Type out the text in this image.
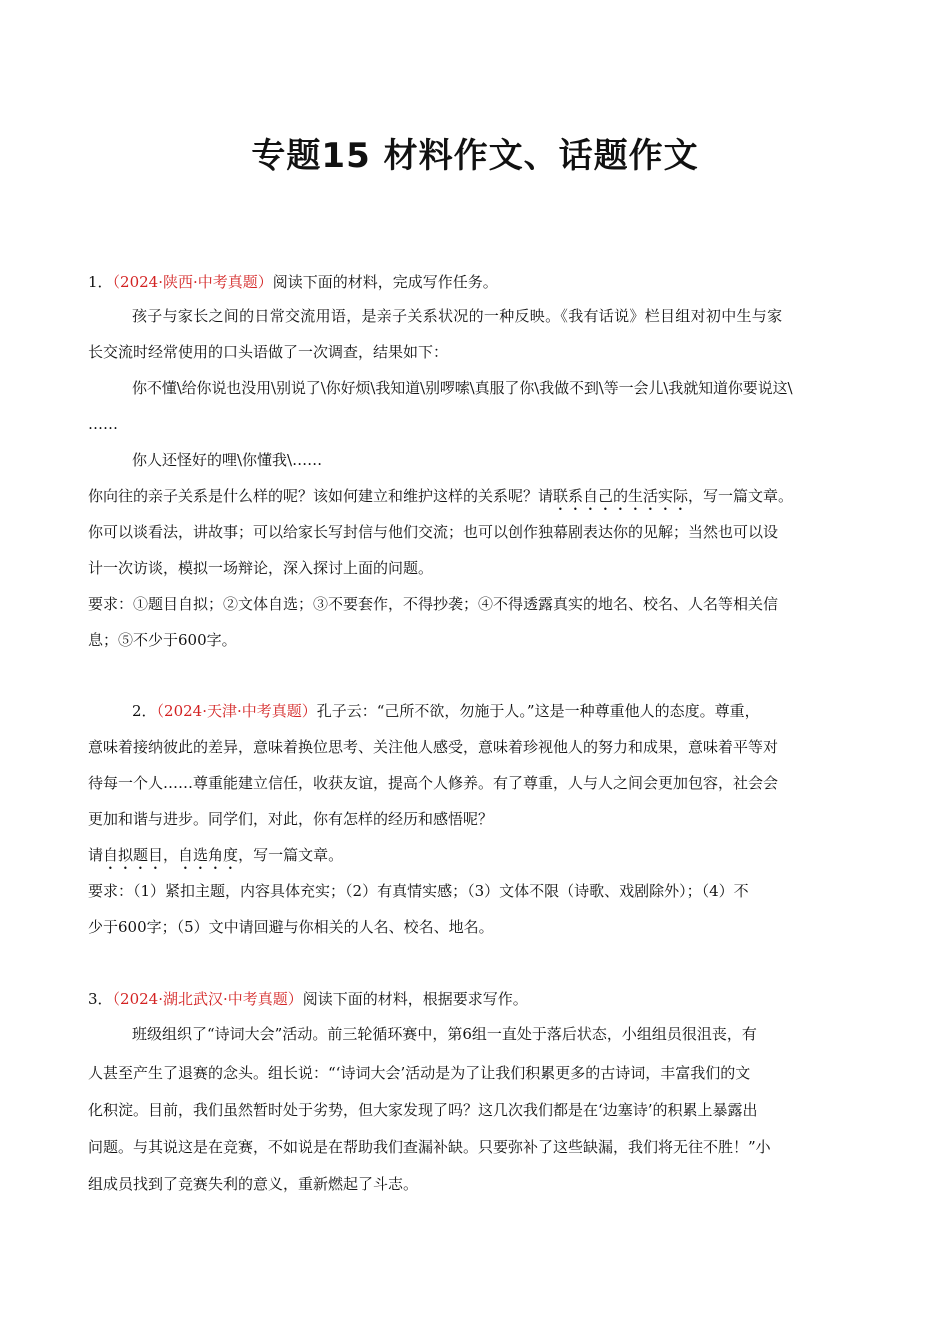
专题15 材料作文、话题作文
1．（2024·陕西·中考真题）阅读下面的材料，完成写作任务。
孩子与家长之间的日常交流用语，是亲子关系状况的一种反映。《我有话说》栏目组对初中生与家
长交流时经常使用的口头语做了一次调查，结果如下：
你不懂\给你说也没用\别说了\你好烦\我知道\别啰嗦\真服了你\我做不到\等一会儿\我就知道你要说这\
……
你人还怪好的哩\你懂我\……
你向往的亲子关系是什么样的呢？该如何建立和维护这样的关系呢？请联系自己的生活实际，写一篇文章。
你可以谈看法，讲故事；可以给家长写封信与他们交流；也可以创作独幕剧表达你的见解；当然也可以设
计一次访谈，模拟一场辩论，深入探讨上面的问题。
要求：①题目自拟；②文体自选；③不要套作，不得抄袭；④不得透露真实的地名、校名、人名等相关信
息；⑤不少于600字。
2．（2024·天津·中考真题）孔子云：“己所不欲，勿施于人。”这是一种尊重他人的态度。尊重，
意味着接纳彼此的差异，意味着换位思考、关注他人感受，意味着珍视他人的努力和成果，意味着平等对
待每一个人……尊重能建立信任，收获友谊，提高个人修养。有了尊重，人与人之间会更加包容，社会会
更加和谐与进步。同学们，对此，你有怎样的经历和感悟呢？
请自拟题目，自选角度，写一篇文章。
要求：（1）紧扣主题，内容具体充实；（2）有真情实感；（3）文体不限（诗歌、戏剧除外）；（4）不
少于600字；（5）文中请回避与你相关的人名、校名、地名。
3．（2024·湖北武汉·中考真题）阅读下面的材料，根据要求写作。
班级组织了“诗词大会”活动。前三轮循环赛中，第6组一直处于落后状态，小组组员很沮丧，有
人甚至产生了退赛的念头。组长说：“‘诗词大会’活动是为了让我们积累更多的古诗词，丰富我们的文
化积淀。目前，我们虽然暂时处于劣势，但大家发现了吗？这几次我们都是在‘边塞诗’的积累上暴露出
问题。与其说这是在竞赛，不如说是在帮助我们查漏补缺。只要弥补了这些缺漏，我们将无往不胜！”小
组成员找到了竞赛失利的意义，重新燃起了斗志。
